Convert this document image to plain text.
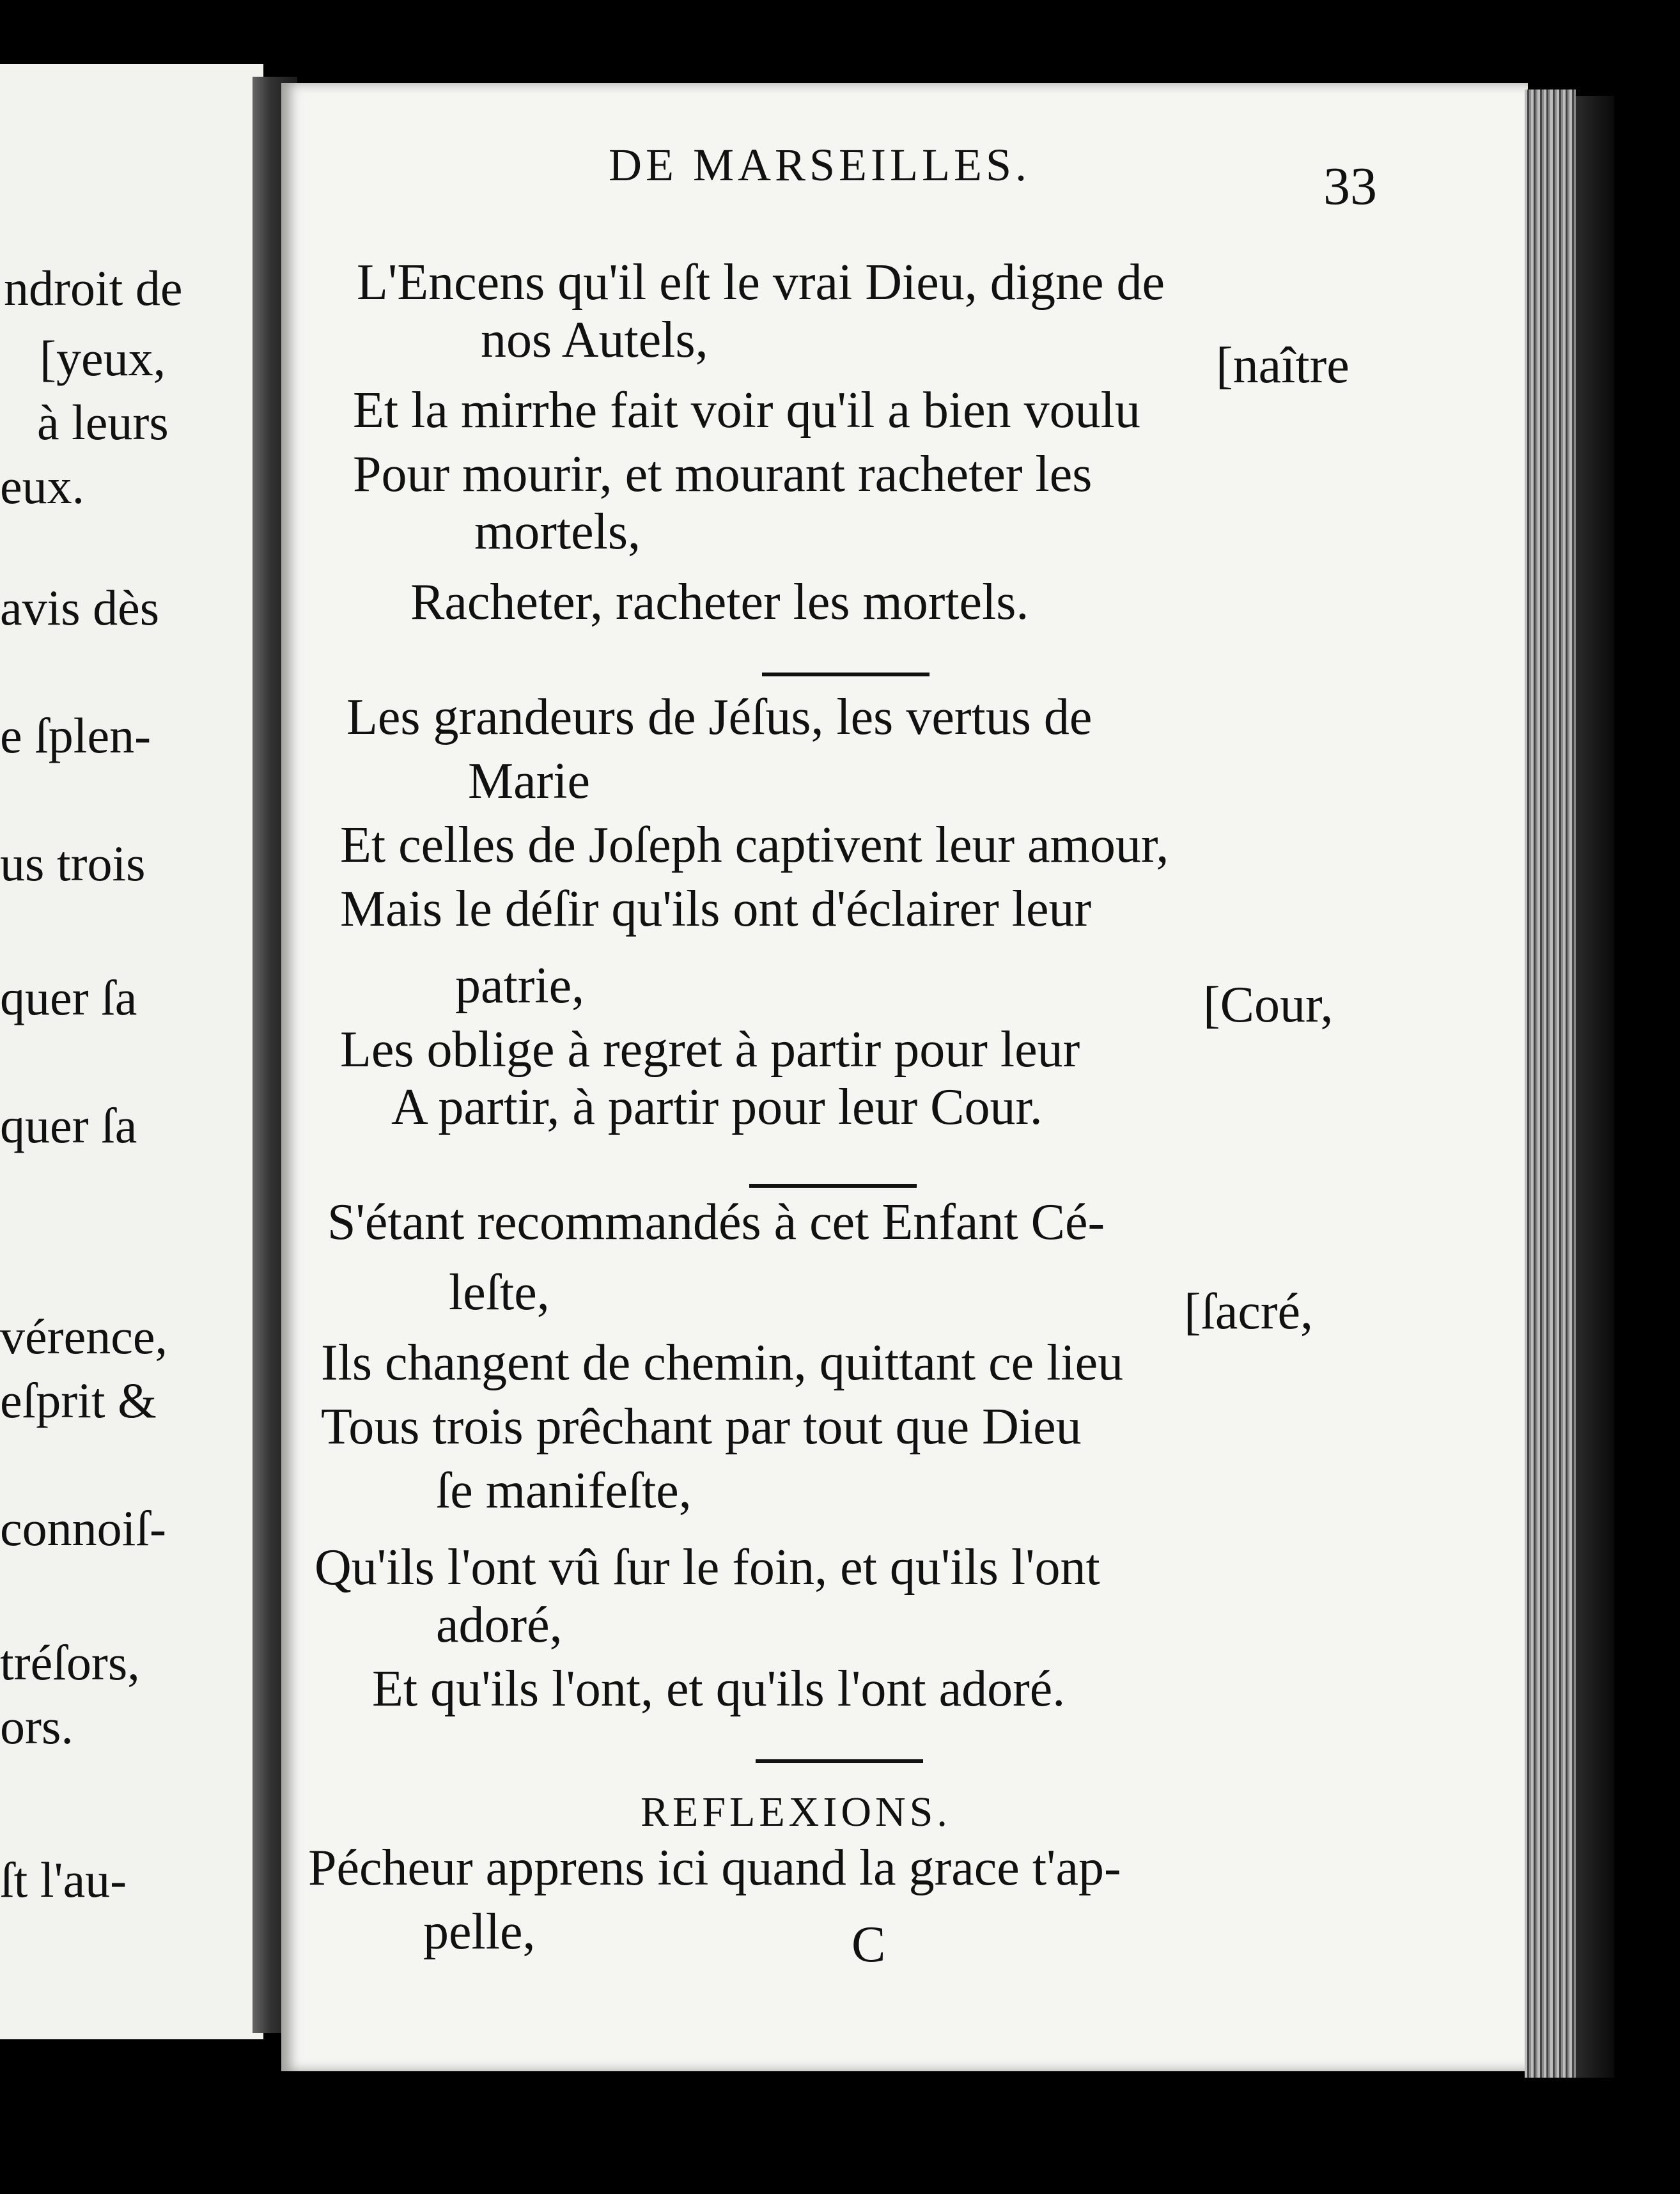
ndroit de
[yeux,
à leurs
eux.
avis dès
e ſplen-
us trois
quer ſa
quer ſa
vérence,
eſprit &
connoiſ-
tréſors,
ors.
ſt l'au-
DE MARSEILLES.	33
L'Encens qu'il eſt le vrai Dieu, digne de
nos Autels,	[naître
Et la mirrhe fait voir qu'il a bien voulu
Pour mourir, et mourant racheter les
mortels,
Racheter, racheter les mortels.
Les grandeurs de Jéſus, les vertus de
Marie
Et celles de Joſeph captivent leur amour,
Mais le déſir qu'ils ont d'éclairer leur
patrie,	[Cour,
Les oblige à regret à partir pour leur
A partir, à partir pour leur Cour.
S'étant recommandés à cet Enfant Cé-
leſte,	[ſacré,
Ils changent de chemin, quittant ce lieu
Tous trois prêchant par tout que Dieu
ſe manifeſte,
Qu'ils l'ont vû ſur le foin, et qu'ils l'ont
adoré,
Et qu'ils l'ont, et qu'ils l'ont adoré.
REFLEXIONS.
Pécheur apprens ici quand la grace t'ap-
pelle,	C
